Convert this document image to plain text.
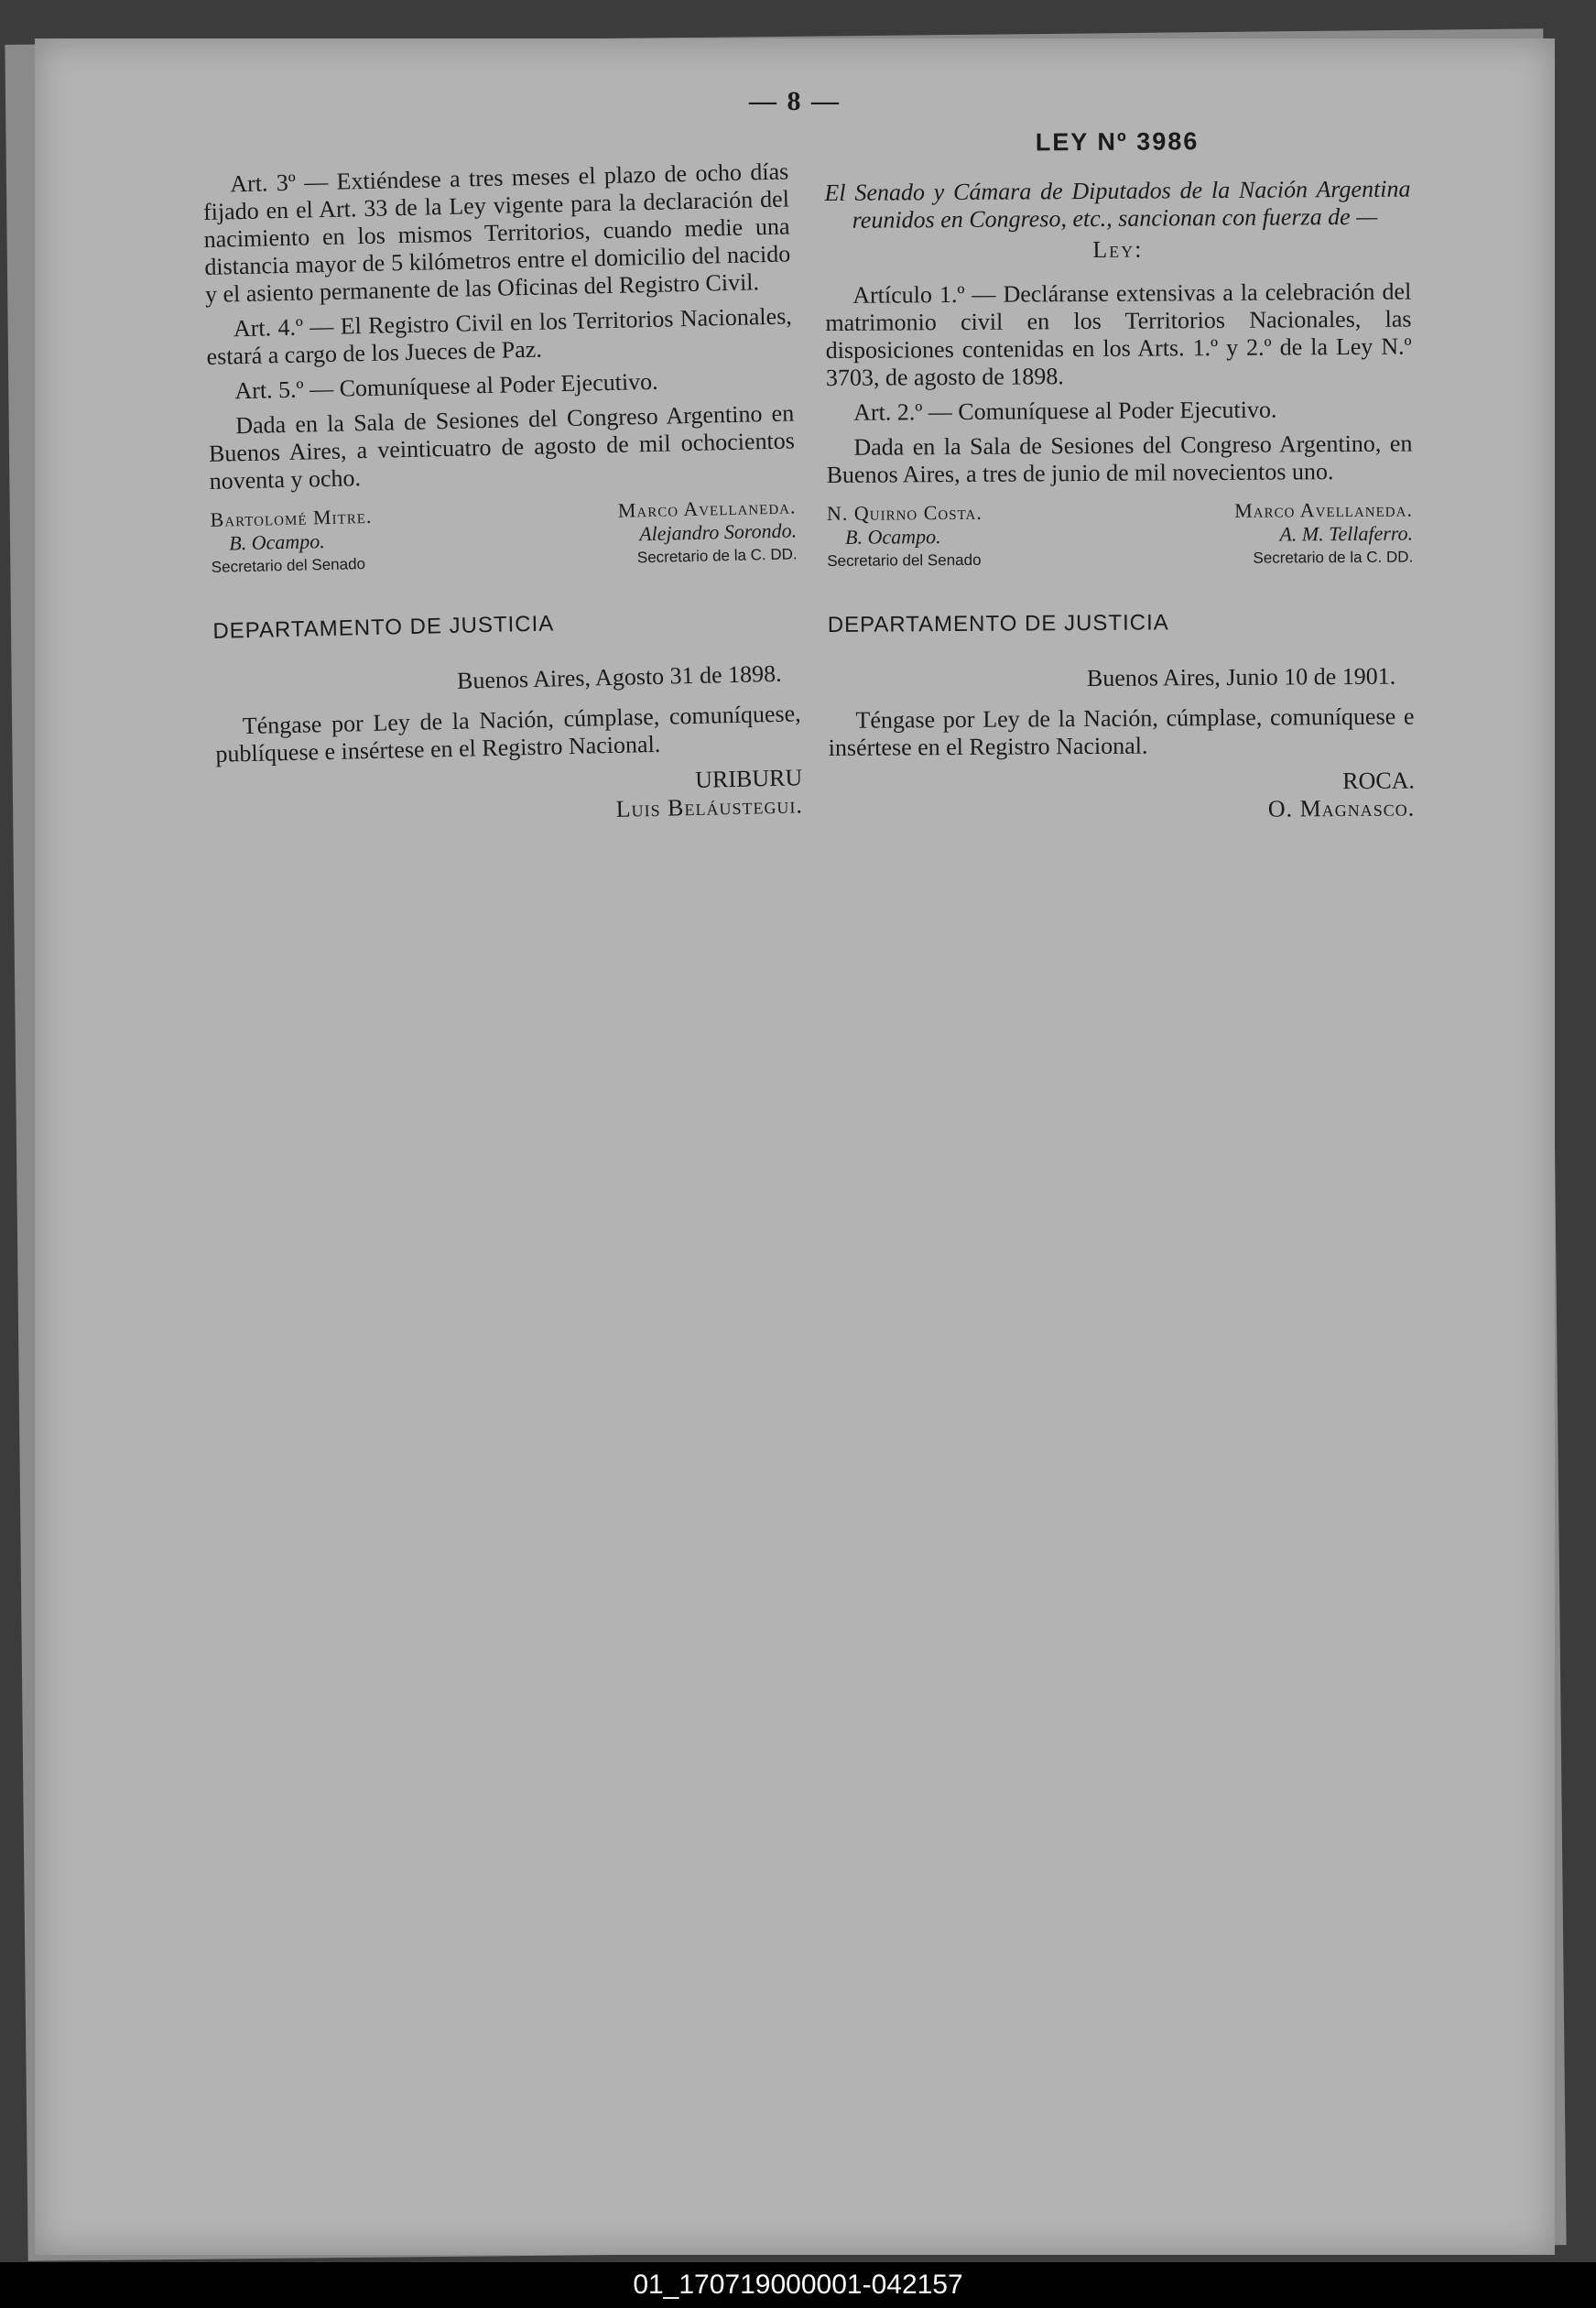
— 8 —

Art. 3º — Extiéndese a tres meses el plazo de ocho días fijado en el Art. 33 de la Ley vigente para la declaración del nacimiento en los mismos Territorios, cuando medie una distancia mayor de 5 kilómetros entre el domicilio del nacido y el asiento permanente de las Oficinas del Registro Civil.

Art. 4.º — El Registro Civil en los Territorios Nacionales, estará a cargo de los Jueces de Paz.

Art. 5.º — Comuníquese al Poder Ejecutivo.

Dada en la Sala de Sesiones del Congreso Argentino en Buenos Aires, a veinticuatro de agosto de mil ochocientos noventa y ocho.

Bartolomé Mitre.
B. Ocampo.
Secretario del Senado
Marco Avellaneda.
Alejandro Sorondo.
Secretario de la C. DD.
DEPARTAMENTO DE JUSTICIA
Buenos Aires, Agosto 31 de 1898.

Téngase por Ley de la Nación, cúmplase, comuníquese, publíquese e insértese en el Registro Nacional.

URIBURU
Luis Beláustegui.
LEY Nº 3986

El Senado y Cámara de Diputados de la Nación Argentina reunidos en Congreso, etc., sancionan con fuerza de —

Ley:

Artículo 1.º — Decláranse extensivas a la celebración del matrimonio civil en los Territorios Nacionales, las disposiciones contenidas en los Arts. 1.º y 2.º de la Ley N.º 3703, de agosto de 1898.

Art. 2.º — Comuníquese al Poder Ejecutivo.

Dada en la Sala de Sesiones del Congreso Argentino, en Buenos Aires, a tres de junio de mil novecientos uno.

N. Quirno Costa.
B. Ocampo.
Secretario del Senado
Marco Avellaneda.
A. M. Tellaferro.
Secretario de la C. DD.
DEPARTAMENTO DE JUSTICIA
Buenos Aires, Junio 10 de 1901.

Téngase por Ley de la Nación, cúmplase, comuníquese e insértese en el Registro Nacional.

ROCA.
O. Magnasco.
01_170719000001-042157
